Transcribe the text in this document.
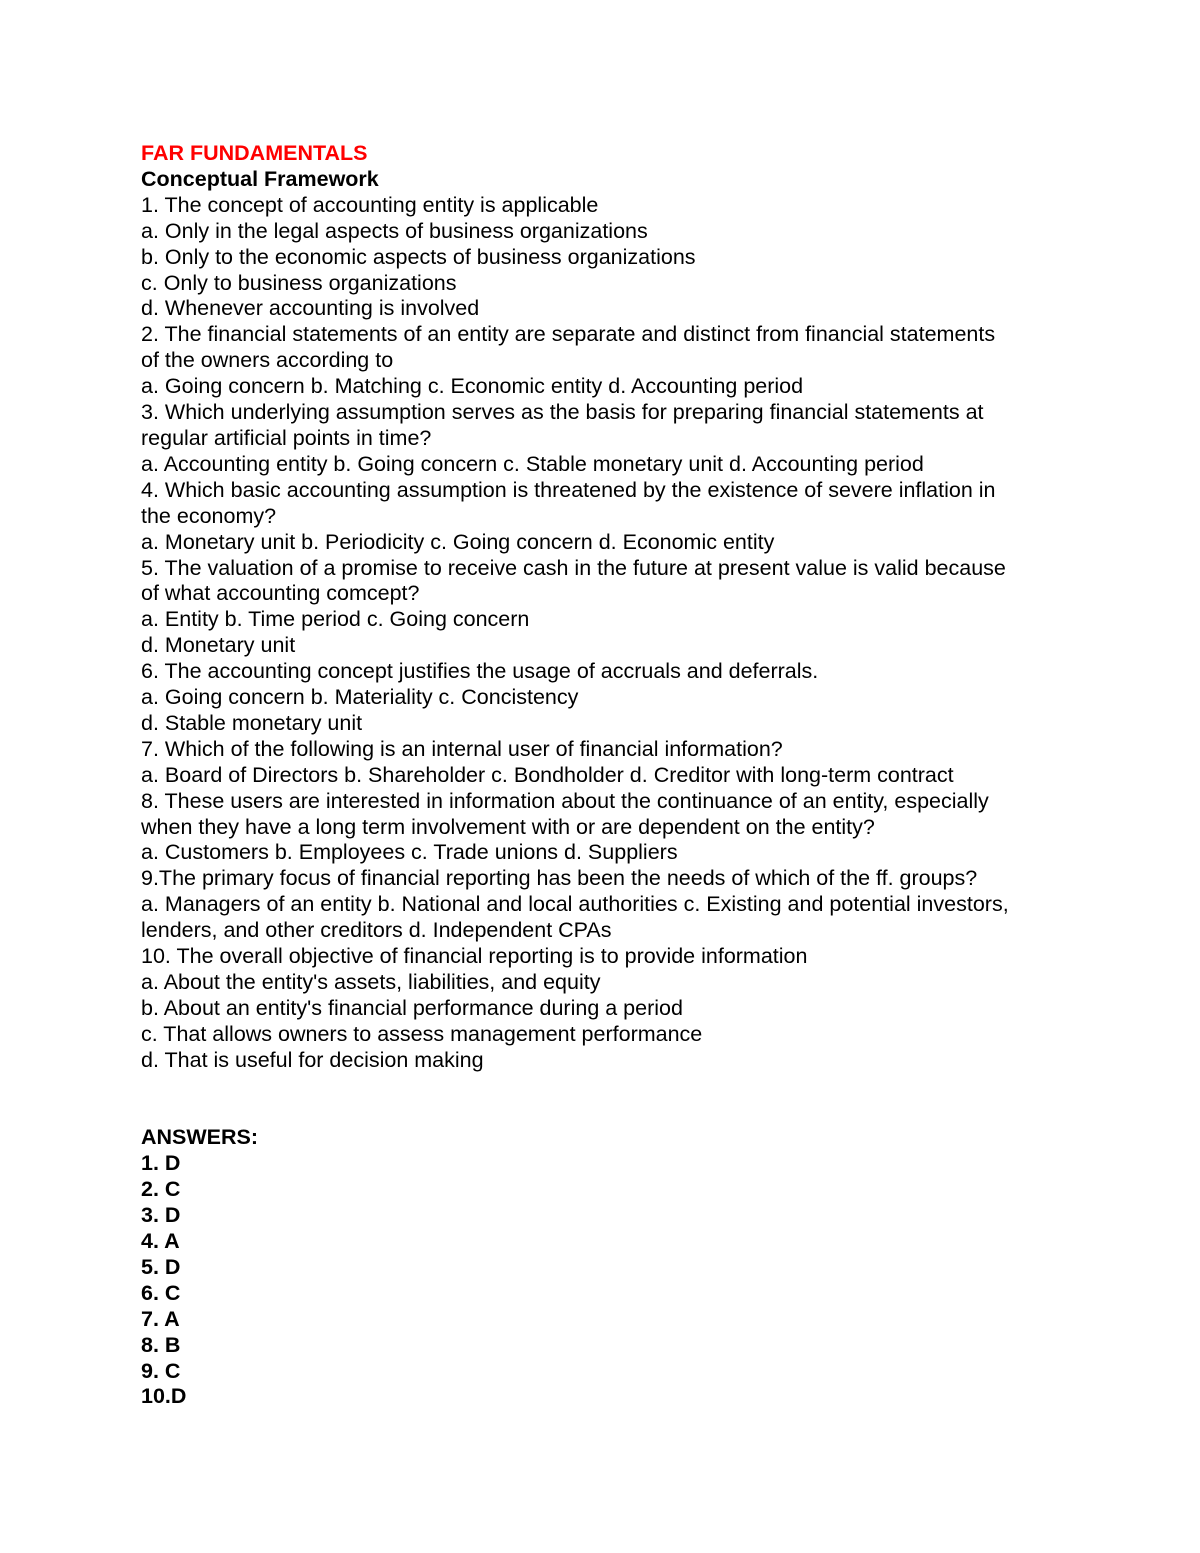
FAR FUNDAMENTALS
Conceptual Framework
1. The concept of accounting entity is applicable
a. Only in the legal aspects of business organizations
b. Only to the economic aspects of business organizations
c. Only to business organizations
d. Whenever accounting is involved
2. The financial statements of an entity are separate and distinct from financial statements
of the owners according to
a. Going concern b. Matching c. Economic entity d. Accounting period
3. Which underlying assumption serves as the basis for preparing financial statements at
regular artificial points in time?
a. Accounting entity b. Going concern c. Stable monetary unit d. Accounting period
4. Which basic accounting assumption is threatened by the existence of severe inflation in
the economy?
a. Monetary unit b. Periodicity c. Going concern d. Economic entity
5. The valuation of a promise to receive cash in the future at present value is valid because
of what accounting comcept?
a. Entity b. Time period c. Going concern
d. Monetary unit
6. The accounting concept justifies the usage of accruals and deferrals.
a. Going concern b. Materiality c. Concistency
d. Stable monetary unit
7. Which of the following is an internal user of financial information?
a. Board of Directors b. Shareholder c. Bondholder d. Creditor with long-term contract
8. These users are interested in information about the continuance of an entity, especially
when they have a long term involvement with or are dependent on the entity?
a. Customers b. Employees c. Trade unions d. Suppliers
9.The primary focus of financial reporting has been the needs of which of the ff. groups?
a. Managers of an entity b. National and local authorities c. Existing and potential investors,
lenders, and other creditors d. Independent CPAs
10. The overall objective of financial reporting is to provide information
a. About the entity's assets, liabilities, and equity
b. About an entity's financial performance during a period
c. That allows owners to assess management performance
d. That is useful for decision making
ANSWERS:
1. D
2. C
3. D
4. A
5. D
6. C
7. A
8. B
9. C
10.D
